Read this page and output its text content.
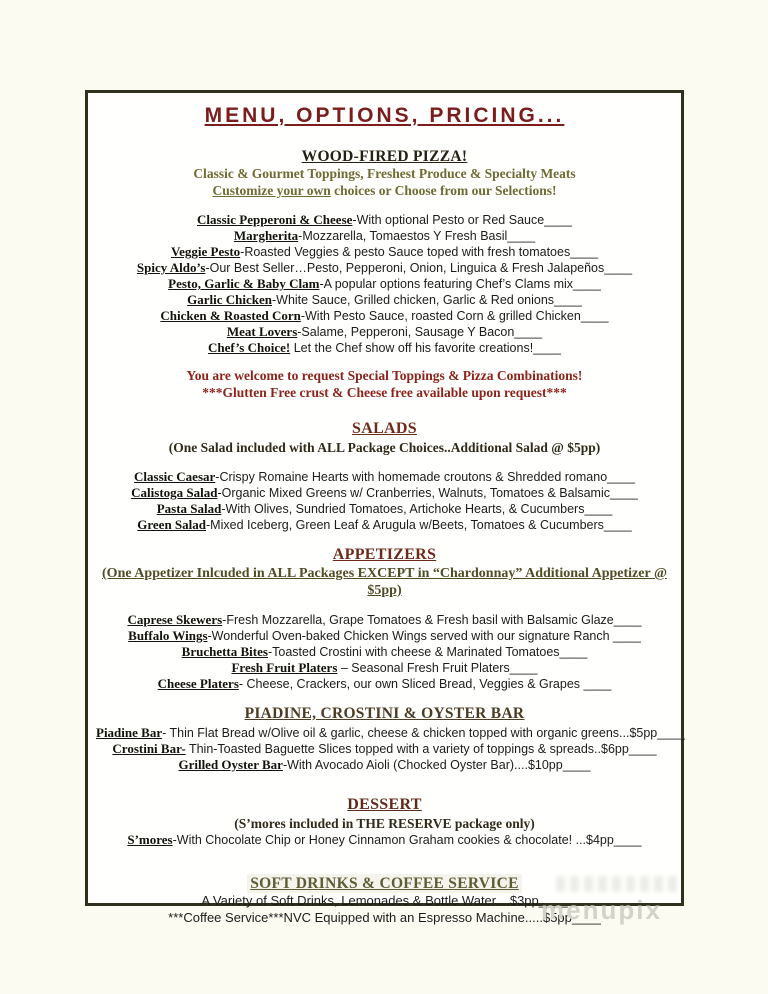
MENU, OPTIONS, PRICING...
WOOD-FIRED PIZZA!
Classic & Gourmet Toppings, Freshest Produce & Specialty Meats
Customize your own choices or Choose from our Selections!
Classic Pepperoni & Cheese-With optional Pesto or Red Sauce____
Margherita-Mozzarella, Tomaestos Y Fresh Basil____
Veggie Pesto-Roasted Veggies & pesto Sauce toped with fresh tomatoes____
Spicy Aldo’s-Our Best Seller…Pesto, Pepperoni, Onion, Linguica & Fresh Jalapeños____
Pesto, Garlic & Baby Clam-A popular options featuring Chef’s Clams mix____
Garlic Chicken-White Sauce, Grilled chicken, Garlic & Red onions____
Chicken & Roasted Corn-With Pesto Sauce, roasted Corn & grilled Chicken____
Meat Lovers-Salame, Pepperoni, Sausage Y Bacon____
Chef’s Choice! Let the Chef show off his favorite creations!____
You are welcome to request Special Toppings & Pizza Combinations!
***Glutten Free crust & Cheese free available upon request***
SALADS
(One Salad included with ALL Package Choices..Additional Salad @ $5pp)
Classic Caesar-Crispy Romaine Hearts with homemade croutons & Shredded romano____
Calistoga Salad-Organic Mixed Greens w/ Cranberries, Walnuts, Tomatoes & Balsamic____
Pasta Salad-With Olives, Sundried Tomatoes, Artichoke Hearts, & Cucumbers____
Green Salad-Mixed Iceberg, Green Leaf & Arugula w/Beets, Tomatoes & Cucumbers____
APPETIZERS
(One Appetizer Inlcuded in ALL Packages EXCEPT in “Chardonnay” Additional Appetizer @ $5pp)
Caprese Skewers-Fresh Mozzarella, Grape Tomatoes & Fresh basil with Balsamic Glaze____
Buffalo Wings-Wonderful Oven-baked Chicken Wings served with our signature Ranch ____
Bruchetta Bites-Toasted Crostini with cheese & Marinated Tomatoes____
Fresh Fruit Platers – Seasonal Fresh Fruit Platers____
Cheese Platers- Cheese, Crackers, our own Sliced Bread, Veggies & Grapes ____
PIADINE, CROSTINI & OYSTER BAR
Piadine Bar- Thin Flat Bread w/Olive oil & garlic, cheese & chicken topped with organic greens...$5pp____
Crostini Bar- Thin-Toasted Baguette Slices topped with a variety of toppings & spreads..$6pp____
Grilled Oyster Bar-With Avocado Aioli (Chocked Oyster Bar)....$10pp____
DESSERT
(S’mores included in THE RESERVE package only)
S’mores-With Chocolate Chip or Honey Cinnamon Graham cookies & chocolate! ...$4pp____
SOFT DRINKS & COFFEE SERVICE
A Variety of Soft Drinks, Lemonades & Bottle Water....$3pp____
***Coffee Service***NVC Equipped with an Espresso Machine.....$5pp____
menupix
